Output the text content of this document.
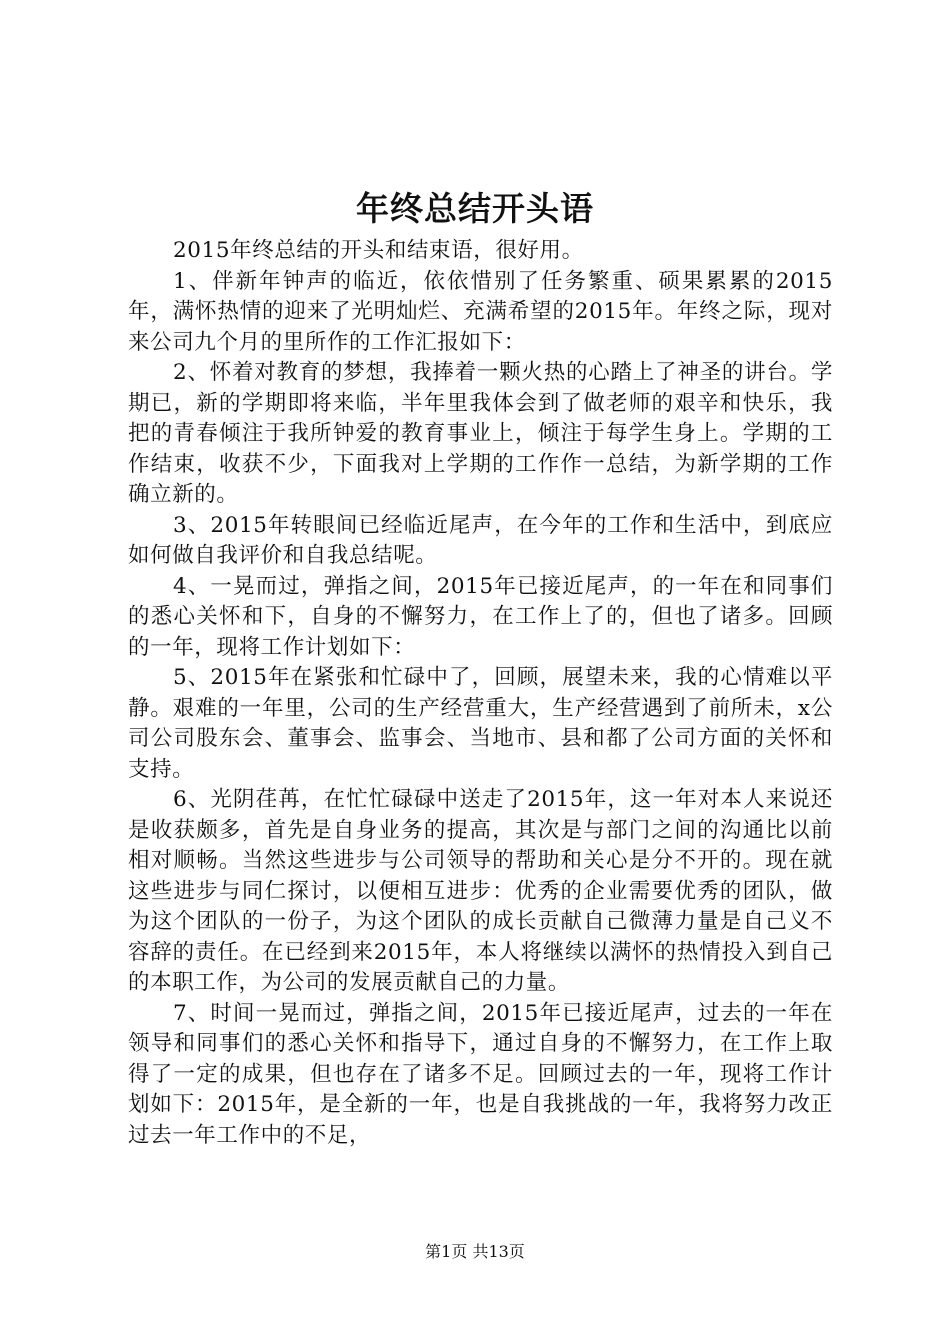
年终总结开头语

2015年终总结的开头和结束语，很好用。

1、伴新年钟声的临近，依依惜别了任务繁重、硕果累累的2015年，满怀热情的迎来了光明灿烂、充满希望的2015年。年终之际，现对来公司九个月的里所作的工作汇报如下：

2、怀着对教育的梦想，我捧着一颗火热的心踏上了神圣的讲台。学期已，新的学期即将来临，半年里我体会到了做老师的艰辛和快乐，我把的青春倾注于我所钟爱的教育事业上，倾注于每学生身上。学期的工作结束，收获不少，下面我对上学期的工作作一总结，为新学期的工作确立新的。

3、2015年转眼间已经临近尾声，在今年的工作和生活中，到底应如何做自我评价和自我总结呢。

4、一晃而过，弹指之间，2015年已接近尾声，的一年在和同事们的悉心关怀和下，自身的不懈努力，在工作上了的，但也了诸多。回顾的一年，现将工作计划如下：

5、2015年在紧张和忙碌中了，回顾，展望未来，我的心情难以平静。艰难的一年里，公司的生产经营重大，生产经营遇到了前所未，x公司公司股东会、董事会、监事会、当地市、县和都了公司方面的关怀和支持。

6、光阴荏苒，在忙忙碌碌中送走了2015年，这一年对本人来说还是收获颇多，首先是自身业务的提高，其次是与部门之间的沟通比以前相对顺畅。当然这些进步与公司领导的帮助和关心是分不开的。现在就这些进步与同仁探讨，以便相互进步：优秀的企业需要优秀的团队，做为这个团队的一份子，为这个团队的成长贡献自己微薄力量是自己义不容辞的责任。在已经到来2015年，本人将继续以满怀的热情投入到自己的本职工作，为公司的发展贡献自己的力量。

7、时间一晃而过，弹指之间，2015年已接近尾声，过去的一年在领导和同事们的悉心关怀和指导下，通过自身的不懈努力，在工作上取得了一定的成果，但也存在了诸多不足。回顾过去的一年，现将工作计划如下：2015年，是全新的一年，也是自我挑战的一年，我将努力改正过去一年工作中的不足，

第1页 共13页
